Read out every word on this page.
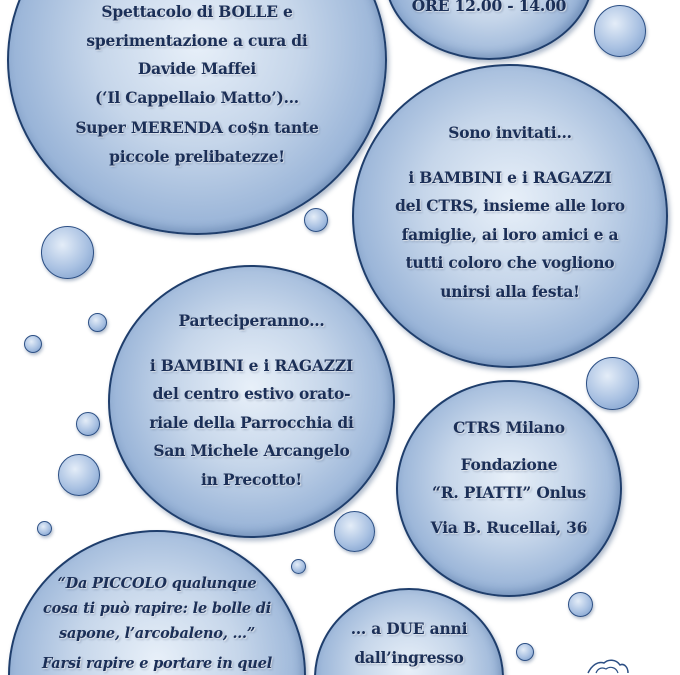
ORE 12.00 - 14.00

Spettacolo di BOLLE e

sperimentazione a cura di

Davide Maffei

(‘Il Cappellaio Matto’)…

Super MERENDA co$n tante

piccole prelibatezze!

Sono invitati…

i BAMBINI e i RAGAZZI

del CTRS, insieme alle loro

famiglie, ai loro amici e a

tutti coloro che vogliono

unirsi alla festa!

Parteciperanno…

i BAMBINI e i RAGAZZI

del centro estivo orato-

riale della Parrocchia di

San Michele Arcangelo

in Precotto!

CTRS Milano

Fondazione

“R. PIATTI” Onlus

Via B. Rucellai, 36

“Da PICCOLO qualunque

cosa ti può rapire: le bolle di

sapone, l’arcobaleno, …”

Farsi rapire e portare in quel

… a DUE anni

dall’ingresso
